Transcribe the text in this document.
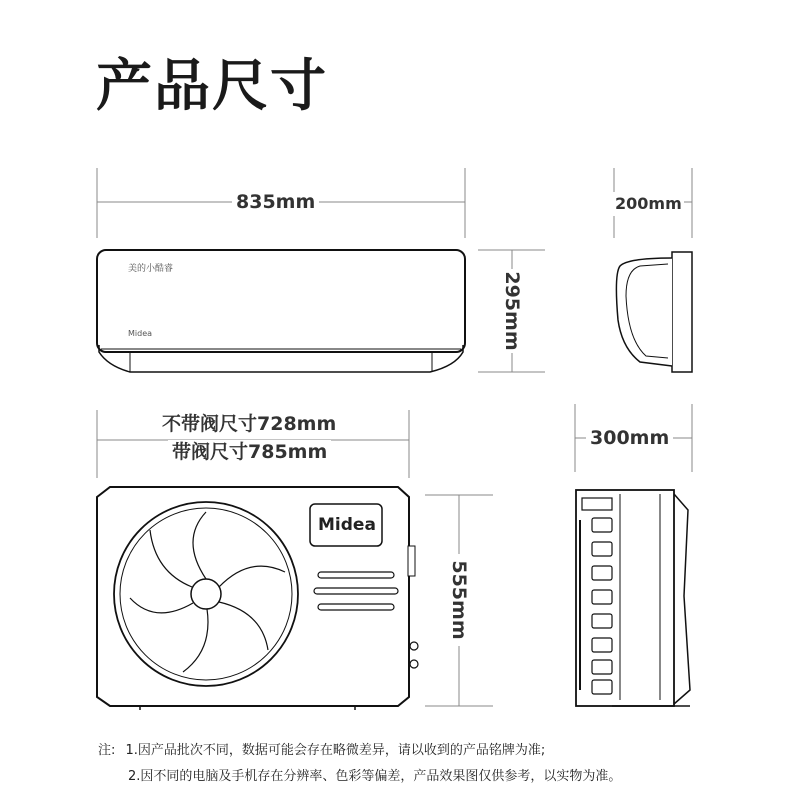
产品尺寸
美的小酷睿
Midea
Midea
835mm	200mm
295mm
不带阀尺寸728mm
带阀尺寸785mm
300mm
555mm
注: 1.因产品批次不同，数据可能会存在略微差异，请以收到的产品铭牌为准;
2.因不同的电脑及手机存在分辨率、色彩等偏差，产品效果图仅供参考，以实物为准。
